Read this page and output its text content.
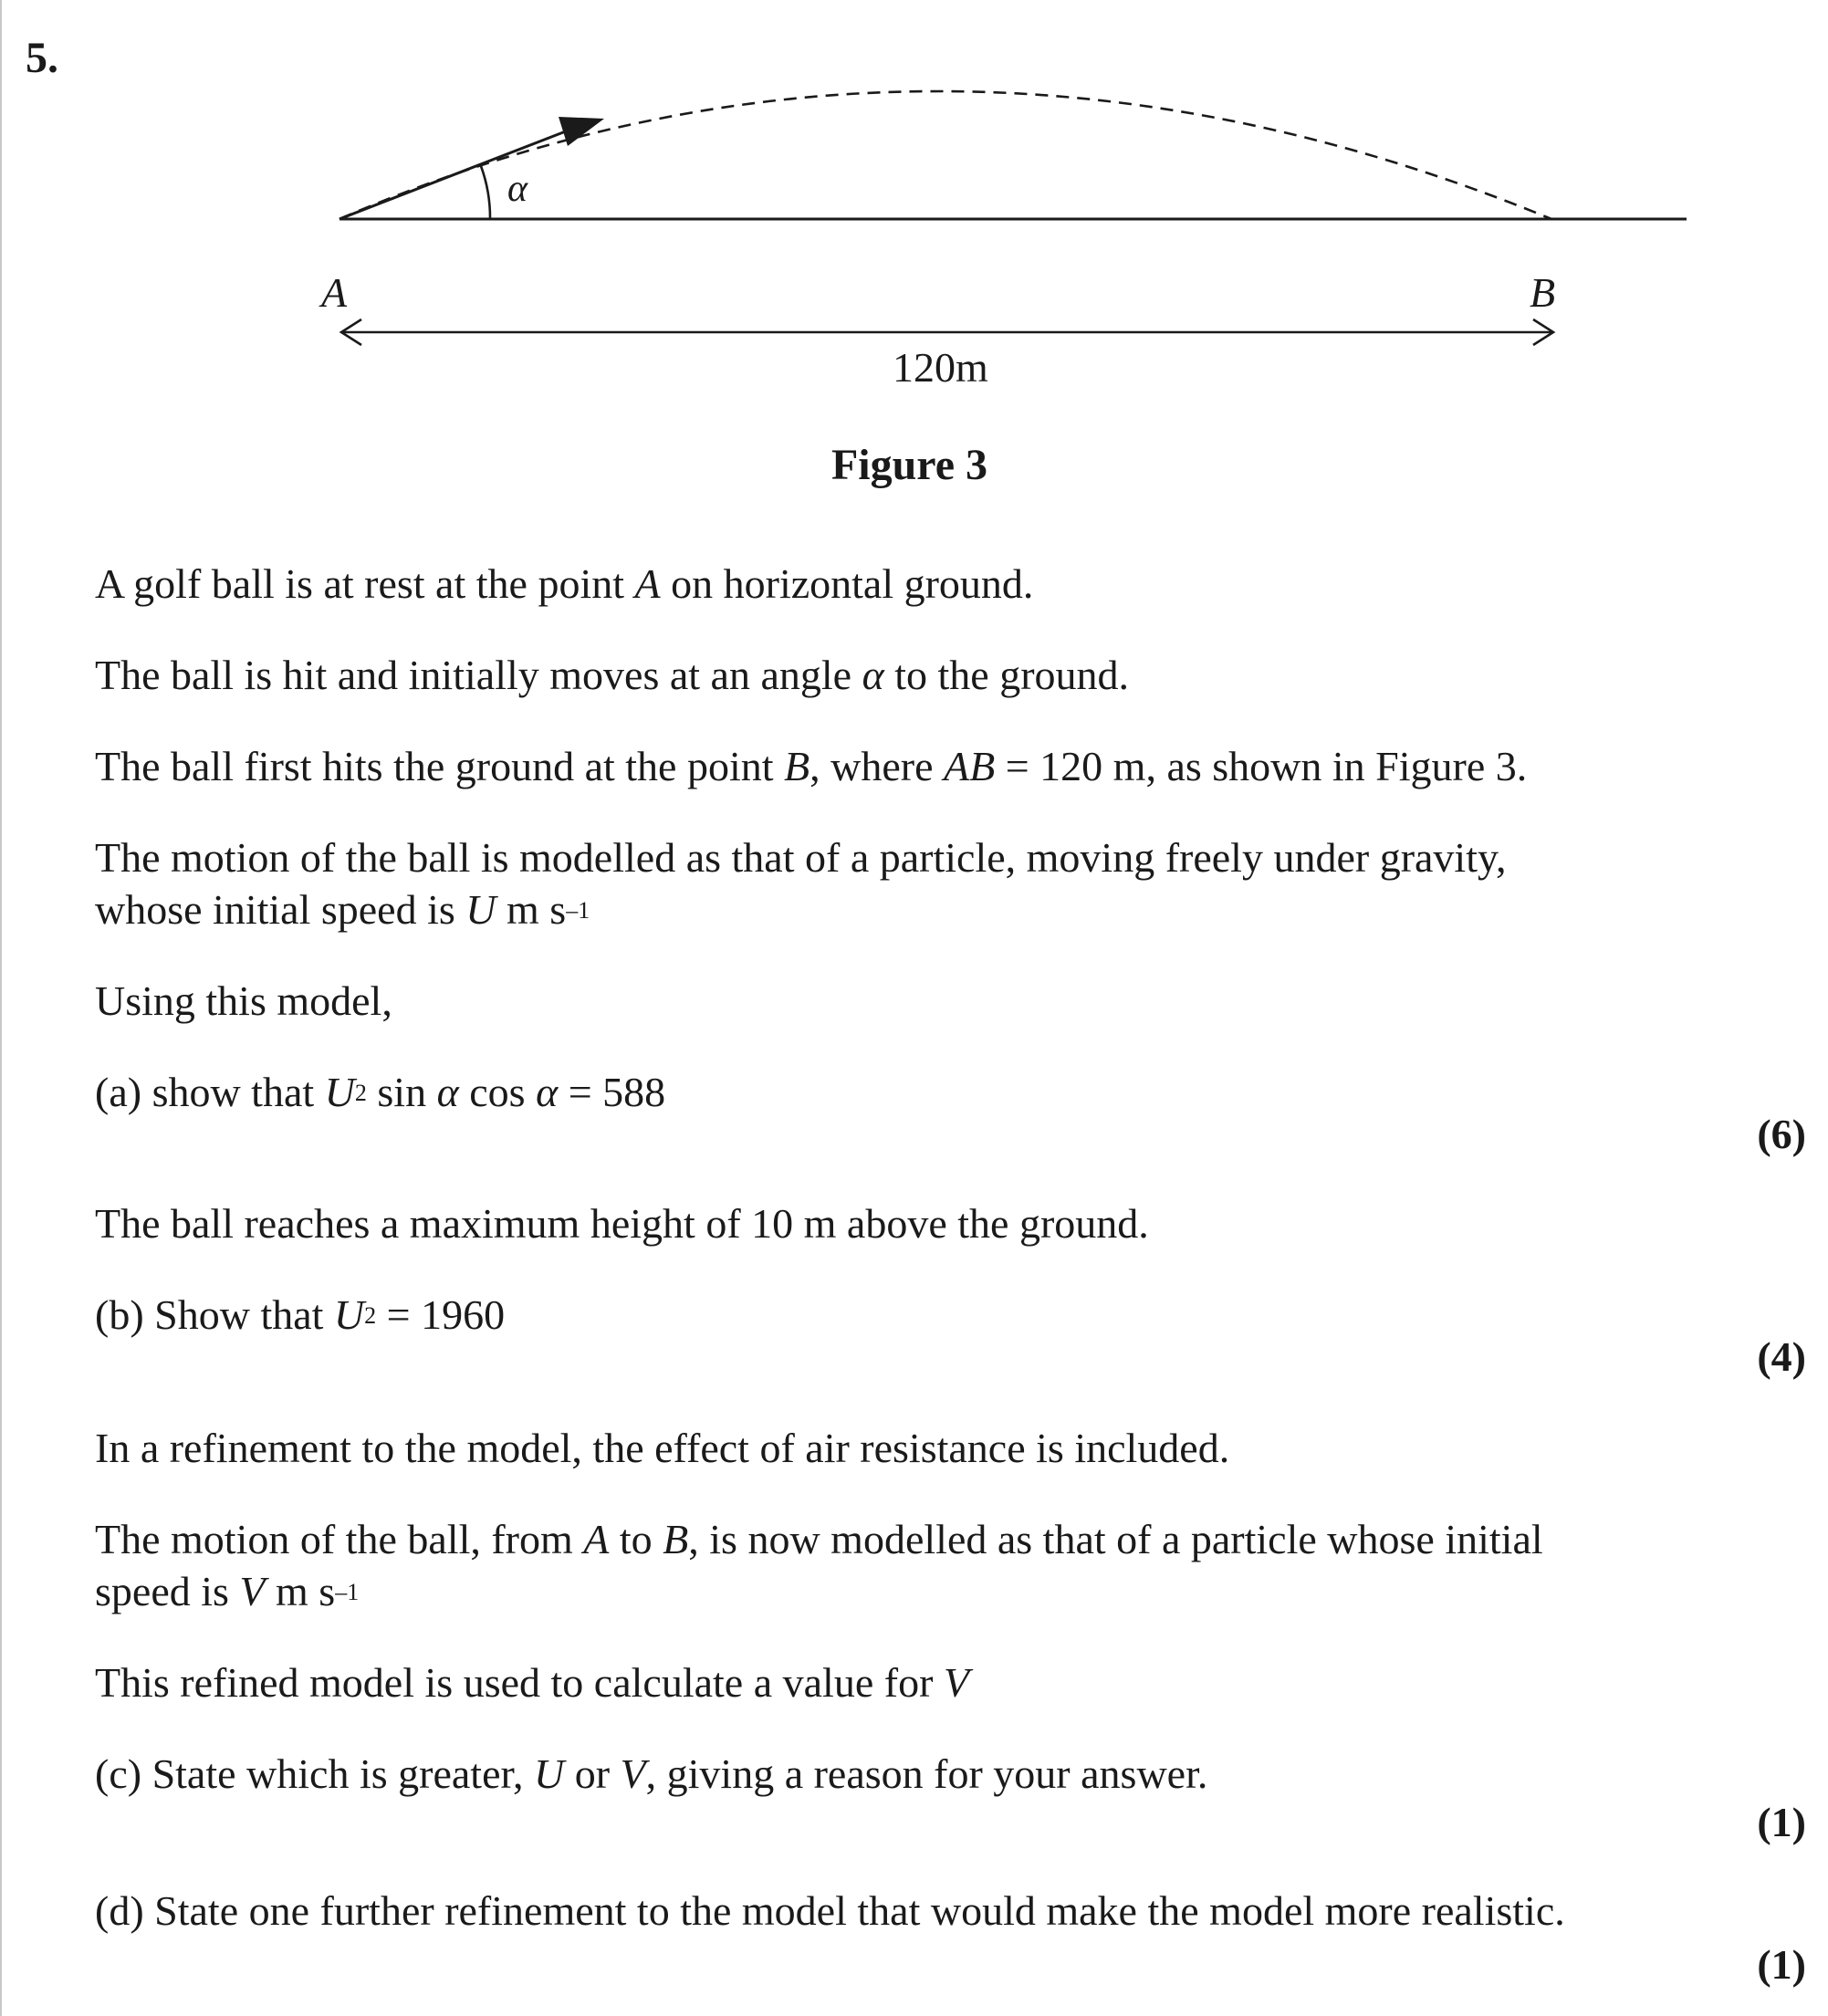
5.
α
A	B
120m
Figure 3
A golf ball is at rest at the point A on horizontal ground.
The ball is hit and initially moves at an angle α to the ground.
The ball first hits the ground at the point B, where AB = 120 m, as shown in Figure 3.
The motion of the ball is modelled as that of a particle, moving freely under gravity,
whose initial speed is U m $s^{-1}$
Using this model,
(a) show that $U^2$ sin α cos α = 588
(6)
The ball reaches a maximum height of 10 m above the ground.
(b) Show that $U^2 = 1960$
(4)
In a refinement to the model, the effect of air resistance is included.
The motion of the ball, from A to B, is now modelled as that of a particle whose initial
speed is V m $s^{-1}$
This refined model is used to calculate a value for V
(c) State which is greater, U or V, giving a reason for your answer.
(1)
(d) State one further refinement to the model that would make the model more realistic.
(1)
